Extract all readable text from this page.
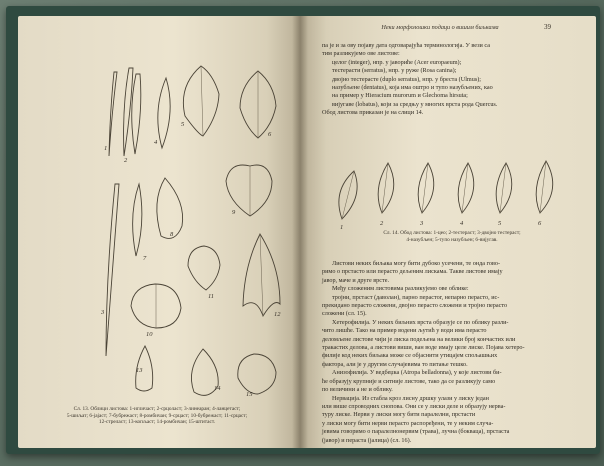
1
2
3
4
5
6
7
8
9
10
11
12
13
14
15
Сл. 13. Облици листова: 1-игличаст; 2-срцоласт; 3-линеаран; 4-ланцетаст;
5-шиљат; 6-јајаст; 7-бубрежаст; 8-ромбичан; 9-срцаст; 10-бубрежаст; 11-срцаст;
12-стреласт; 13-копљаст; 14-ромбичан; 15-штитаст.
Неки морфолошки подаци о вишим биљкама	39

па је и за ову појаву дата одговарајућа терминологија. У вези са

тим разликујемо ове листове:

целог (integer), нпр. у јавориће (Acer europaeum);

тестерасти (serratus), нпр. у ружe (Rosa canina);

двојно тестерасте (duplo serratus), нпр. у бреста (Ulmus);

назубљене (dentatus), која има оштро и тупо назубљених, као

на пример у Hieracium murorum и Glechoma hirsuta;

вијугаве (lobatus), који за средњу у многих врста рода Quercus.

Обод листова приказан је на слици 14.

1
2	3	4	5	6
Сл. 14. Обод листова: 1-цео; 2-тестераст; 3-двојно тестераст;
4-назубљен; 5-тупо назубљен; 6-вијугав.

Листови неких биљака могу бити дубоко усечени, те онда гово-

римо о прстасто или перасто дељеним лискама. Такве листове имају

јавор, маче и друге врсте.

Међу сложеним листовима разликујемо ове облике:

тројни, прстаст (даволан), парно перастог, непарно перасто, ис-

прекидано перасто сложени, двојно перасто сложени и тројно перасто

сложени (сл. 15).

Хетерофилија. У неких биљних врста образује се по облику разли-

чито лишће. Тако на пример водени љутић у води има перасто

деломљене листове чији је лиска подељена на велики број кончастих или

тракастих делова, а листови виши, ван воде имају целе лиске. Појава хетеро-

филије код неких биљака може се објаснити утицајем спољашњих

фактора, али је у другим случајевима то питање тешко.

Анизофилија. У ведбеџка (Atropa belladonna), у које листови би-

ће образују крупније и ситније листове, тако да се разликују само

по величини а не и облику.

Нервација. Из стабла кроз лисну дршку улази у лиску један

или више спроводних снопова. Они се у лиски деле и образују нерва-

туру лиске. Нерви у лиски могу бити паралелни, прстасти

у лиски могу бити нерви перасто распоређени, те у неким случа-

јевима говоримо о паралелнонервим (трава), лучна (бокваца), прстаста

(јавор) и пераста (јалица) (сл. 16).
